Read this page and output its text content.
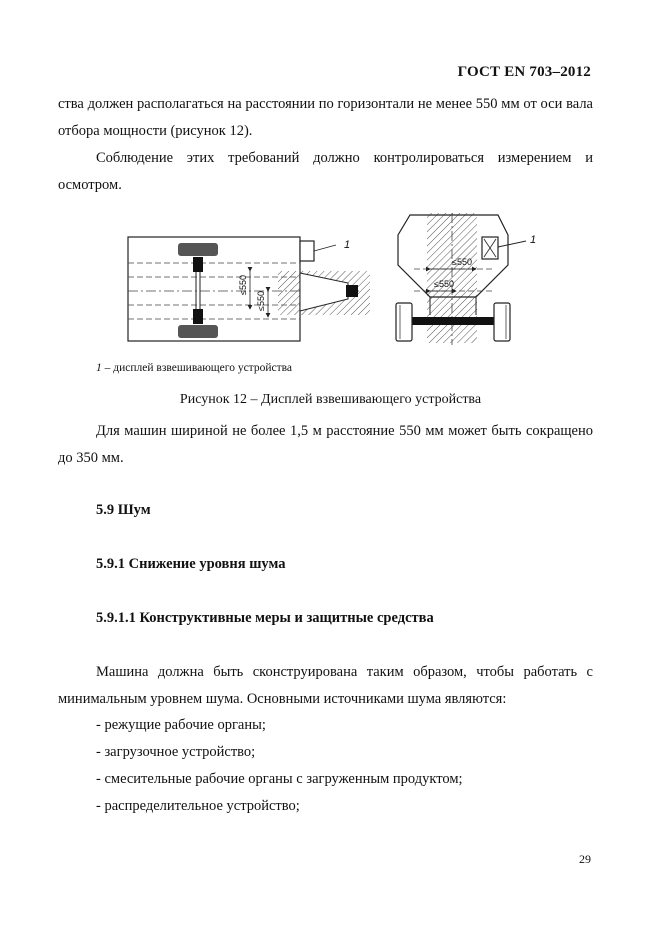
ГОСТ EN 703–2012

ства должен располагаться на расстоянии по горизонтали не менее 550 мм от оси вала отбора мощности (рисунок 12).

Соблюдение этих требований должно контролироваться измерением и осмотром.

≤550
≤550
1
≤550
≤550
1
1 – дисплей взвешивающего устройства
Рисунок 12 – Дисплей взвешивающего устройства

Для машин шириной не более 1,5 м расстояние 550 мм может быть сокращено до 350 мм.

5.9 Шум
5.9.1 Снижение уровня шума
5.9.1.1 Конструктивные меры и защитные средства

Машина должна быть сконструирована таким образом, чтобы работать с минимальным уровнем шума. Основными источниками шума являются:

- режущие рабочие органы;
- загрузочное устройство;
- смесительные рабочие органы с загруженным продуктом;
- распределительное устройство;
29
